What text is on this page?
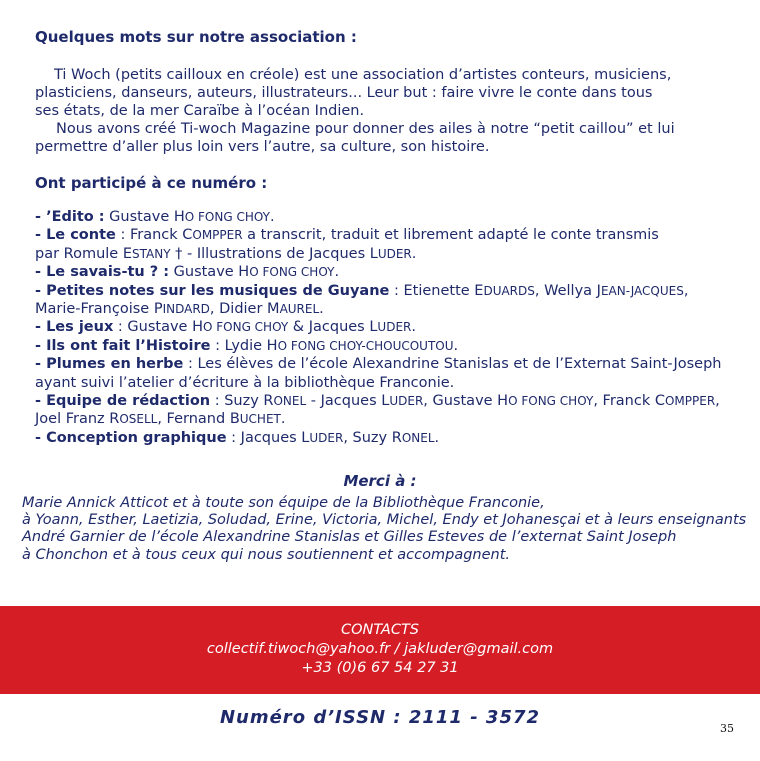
Quelques mots sur notre association :
Ti Woch (petits cailloux en créole) est une association d’artistes conteurs, musiciens,
plasticiens, danseurs, auteurs, illustrateurs... Leur but : faire vivre le conte dans tous
ses états, de la mer Caraïbe à l’océan Indien.
Nous avons créé Ti-woch Magazine pour donner des ailes à notre “petit caillou” et lui
permettre d’aller plus loin vers l’autre, sa culture, son histoire.
Ont participé à ce numéro :
- ’Edito : Gustave HO FONG CHOY.
- Le conte : Franck COMPPER a transcrit, traduit et librement adapté le conte transmis
par Romule ESTANY † - Illustrations de Jacques LUDER.
- Le savais-tu ? : Gustave HO FONG CHOY.
- Petites notes sur les musiques de Guyane : Etienette EDUARDS, Wellya JEAN-JACQUES,
Marie-Françoise PINDARD, Didier MAUREL.
- Les jeux : Gustave HO FONG CHOY & Jacques LUDER.
- Ils ont fait l’Histoire : Lydie HO FONG CHOY-CHOUCOUTOU.
- Plumes en herbe : Les élèves de l’école Alexandrine Stanislas et de l’Externat Saint-Joseph
ayant suivi l’atelier d’écriture à la bibliothèque Franconie.
- Equipe de rédaction : Suzy RONEL - Jacques LUDER, Gustave HO FONG CHOY, Franck COMPPER,
Joel Franz ROSELL, Fernand BUCHET.
- Conception graphique : Jacques LUDER, Suzy RONEL.
Merci à :
Marie Annick Atticot et à toute son équipe de la Bibliothèque Franconie,
à Yoann, Esther, Laetizia, Soludad, Erine, Victoria, Michel, Endy et Johanesçai et à leurs enseignants
André Garnier de l’école Alexandrine Stanislas et Gilles Esteves de l’externat Saint Joseph
à Chonchon et à tous ceux qui nous soutiennent et accompagnent.
CONTACTS
collectif.tiwoch@yahoo.fr / jakluder@gmail.com
+33 (0)6 67 54 27 31
Numéro d’ISSN : 2111 - 3572
35
